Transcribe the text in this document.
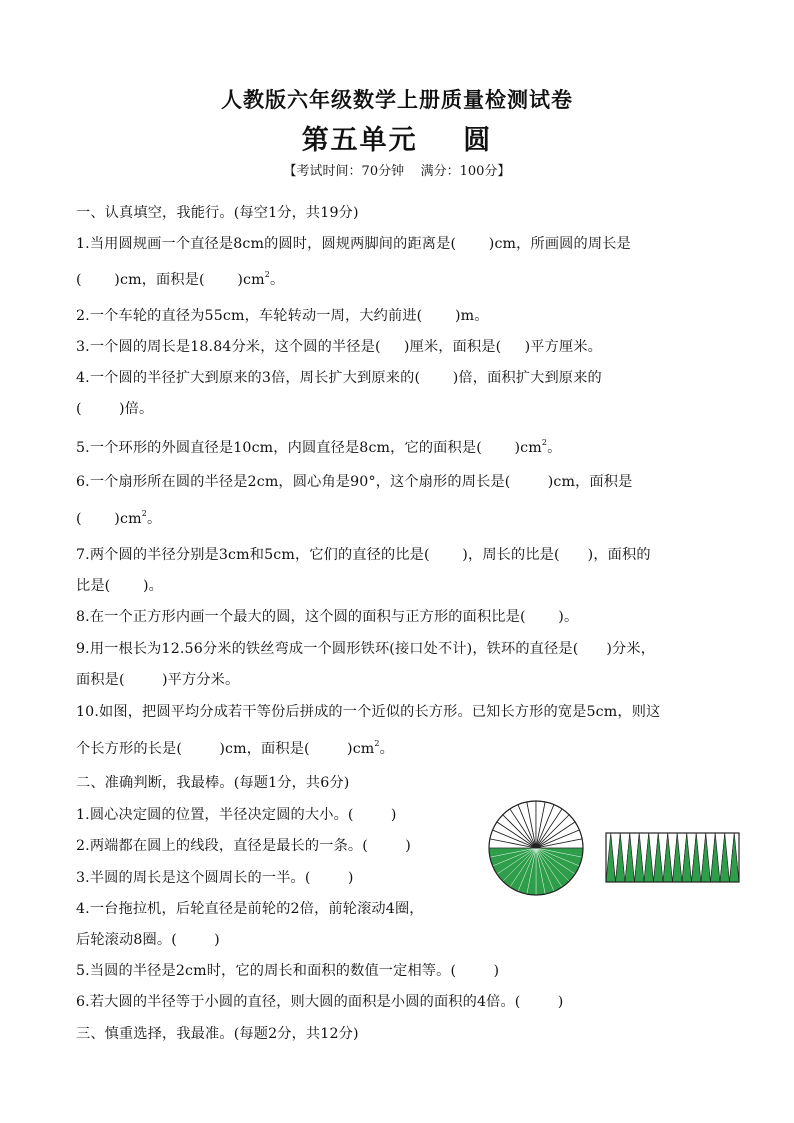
人教版六年级数学上册质量检测试卷
第五单元    圆
【考试时间：70分钟    满分：100分】
一、认真填空，我能行。(每空1分，共19分)
1.当用圆规画一个直径是8cm的圆时，圆规两脚间的距离是(       )cm，所画圆的周长是
(       )cm，面积是(       )$cm^2$。
2.一个车轮的直径为55cm，车轮转动一周，大约前进(       )m。
3.一个圆的周长是18.84分米，这个圆的半径是(     )厘米，面积是(     )平方厘米。
4.一个圆的半径扩大到原来的3倍，周长扩大到原来的(       )倍，面积扩大到原来的
(        )倍。
5.一个环形的外圆直径是10cm，内圆直径是8cm，它的面积是(       )$cm^2$。
6.一个扇形所在圆的半径是2cm，圆心角是90°，这个扇形的周长是(        )cm，面积是
(       )$cm^2$。
7.两个圆的半径分别是3cm和5cm，它们的直径的比是(       )，周长的比是(      )，面积的
比是(       )。
8.在一个正方形内画一个最大的圆，这个圆的面积与正方形的面积比是(       )。
9.用一根长为12.56分米的铁丝弯成一个圆形铁环(接口处不计)，铁环的直径是(      )分米，
面积是(        )平方分米。
10.如图，把圆平均分成若干等份后拼成的一个近似的长方形。已知长方形的宽是5cm，则这
个长方形的长是(        )cm，面积是(        )$cm^2$。
二、准确判断，我最棒。(每题1分，共6分)
1.圆心决定圆的位置，半径决定圆的大小。(        )
2.两端都在圆上的线段，直径是最长的一条。(        )
3.半圆的周长是这个圆周长的一半。(        )
4.一台拖拉机，后轮直径是前轮的2倍，前轮滚动4圈，
后轮滚动8圈。(        )
5.当圆的半径是2cm时，它的周长和面积的数值一定相等。(        )
6.若大圆的半径等于小圆的直径，则大圆的面积是小圆的面积的4倍。(        )
三、慎重选择，我最准。(每题2分，共12分)
